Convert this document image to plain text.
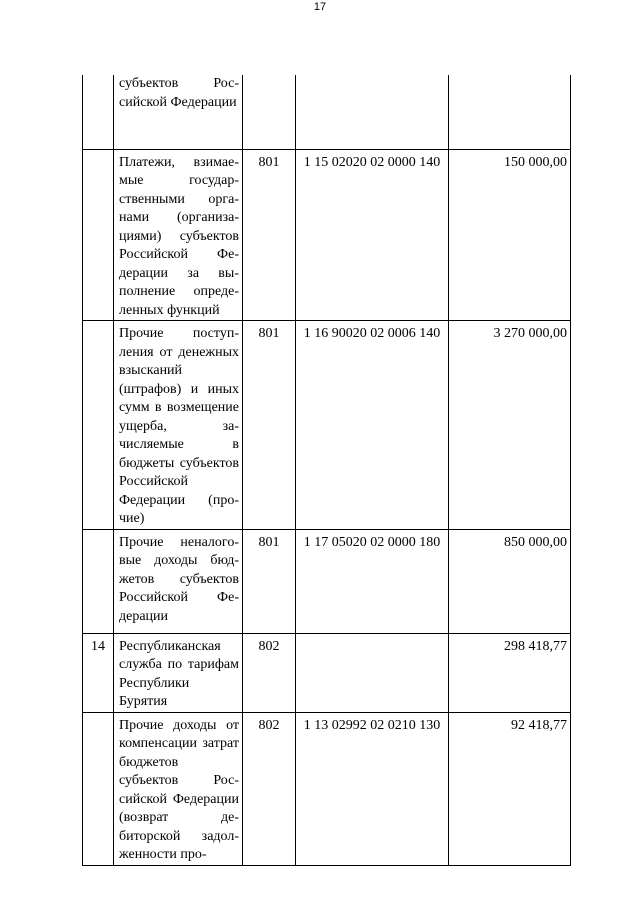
17

	субъектов Российской Федерации			

	Платежи, взимаемые государственными органами (организациями) субъектов Российской Федерации за выполнение определенных функций	801	1 15 02020 02 0000 140	150 000,00

	Прочие поступления от денежных взысканий (штрафов) и иных сумм в возмещение ущерба, зачисляемые в бюджеты субъектов Российской Федерации (прочие)	801	1 16 90020 02 0006 140	3 270 000,00

	Прочие неналоговые доходы бюджетов субъектов Российской Федерации	801	1 17 05020 02 0000 180	850 000,00
14	Республиканская служба по тарифам Республики Бурятия	802		298 418,77

	Прочие доходы от компенсации затрат бюджетов субъектов Российской Федерации (возврат дебиторской задолженности про-	802	1 13 02992 02 0210 130	92 418,77
